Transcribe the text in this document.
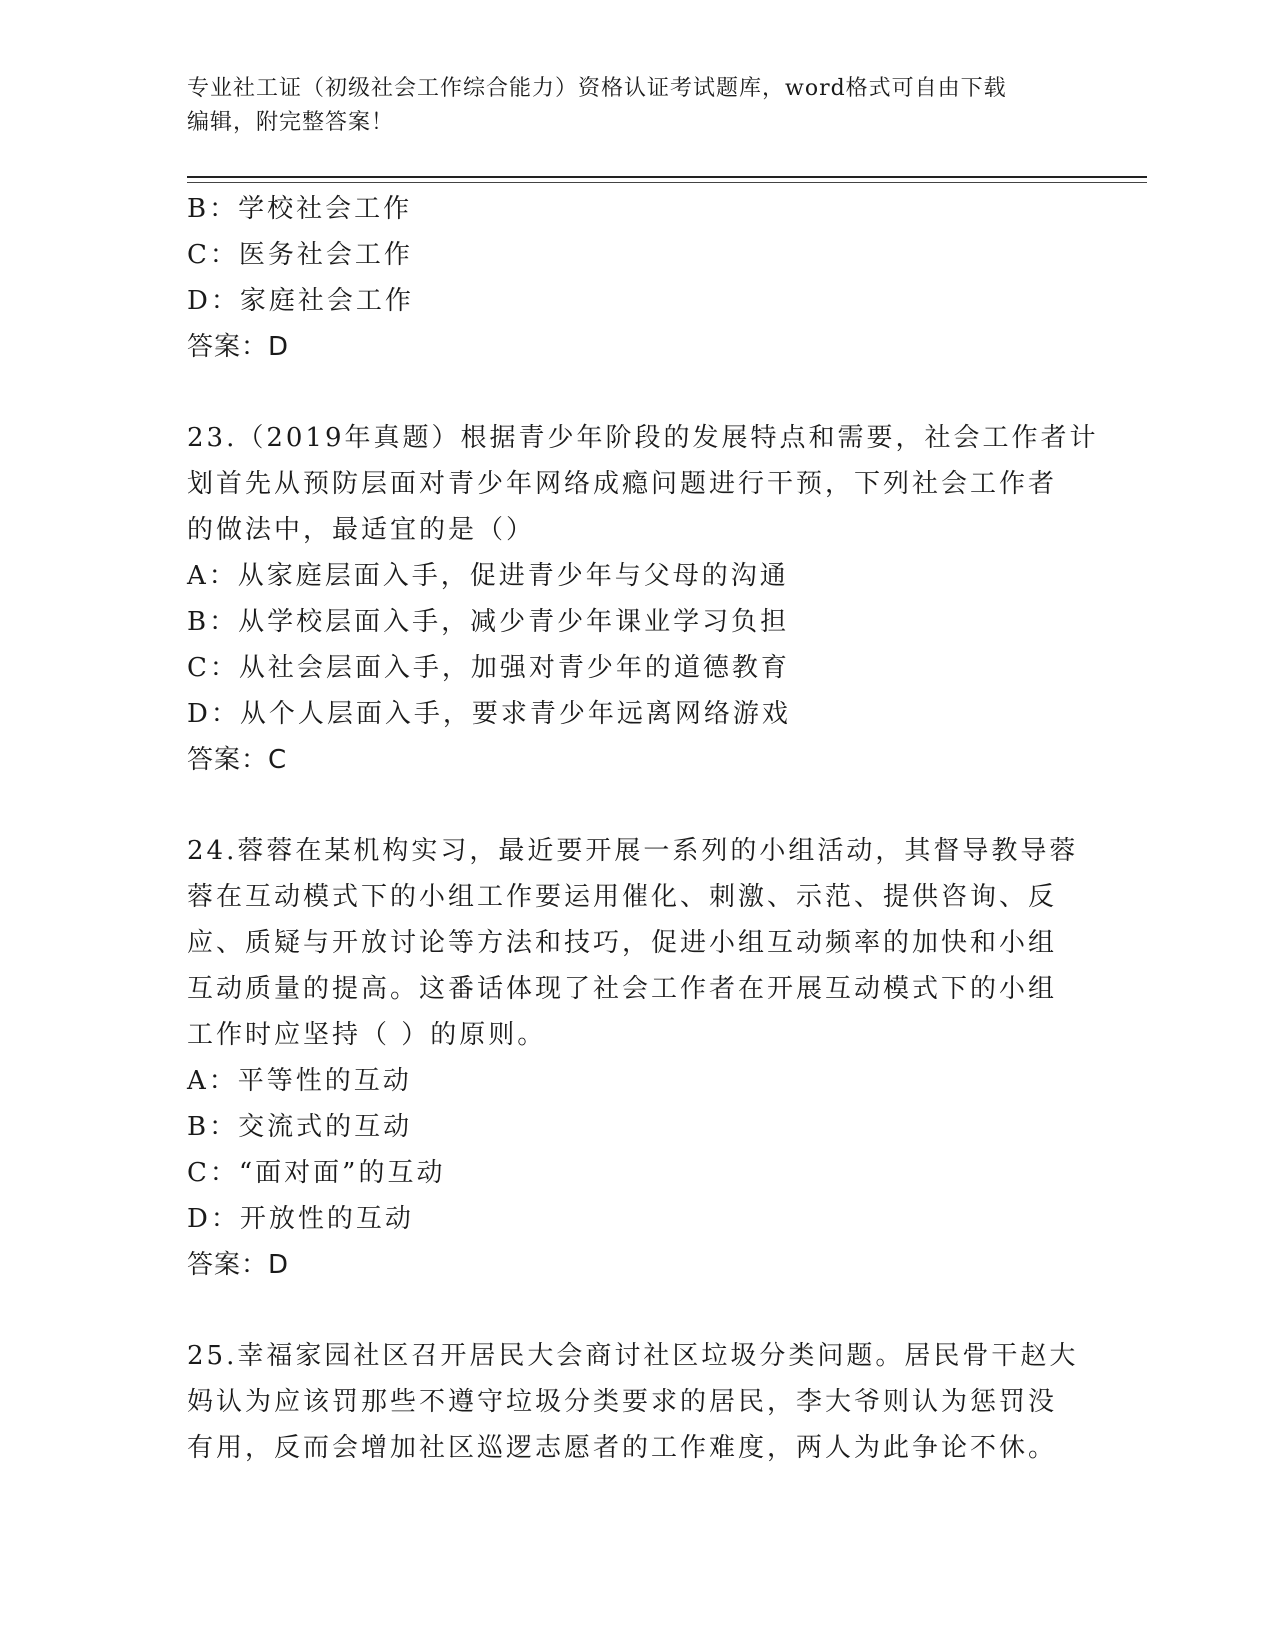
专业社工证（初级社会工作综合能力）资格认证考试题库，word格式可自由下载
编辑，附完整答案！
B：学校社会工作
C：医务社会工作
D：家庭社会工作
答案：D
23.（2019年真题）根据青少年阶段的发展特点和需要，社会工作者计
划首先从预防层面对青少年网络成瘾问题进行干预，下列社会工作者
的做法中，最适宜的是（）
A：从家庭层面入手，促进青少年与父母的沟通
B：从学校层面入手，减少青少年课业学习负担
C：从社会层面入手，加强对青少年的道德教育
D：从个人层面入手，要求青少年远离网络游戏
答案：C
24.蓉蓉在某机构实习，最近要开展一系列的小组活动，其督导教导蓉
蓉在互动模式下的小组工作要运用催化、刺激、示范、提供咨询、反
应、质疑与开放讨论等方法和技巧，促进小组互动频率的加快和小组
互动质量的提高。这番话体现了社会工作者在开展互动模式下的小组
工作时应坚持（ ）的原则。
A：平等性的互动
B：交流式的互动
C：“面对面”的互动
D：开放性的互动
答案：D
25.幸福家园社区召开居民大会商讨社区垃圾分类问题。居民骨干赵大
妈认为应该罚那些不遵守垃圾分类要求的居民，李大爷则认为惩罚没
有用，反而会增加社区巡逻志愿者的工作难度，两人为此争论不休。
